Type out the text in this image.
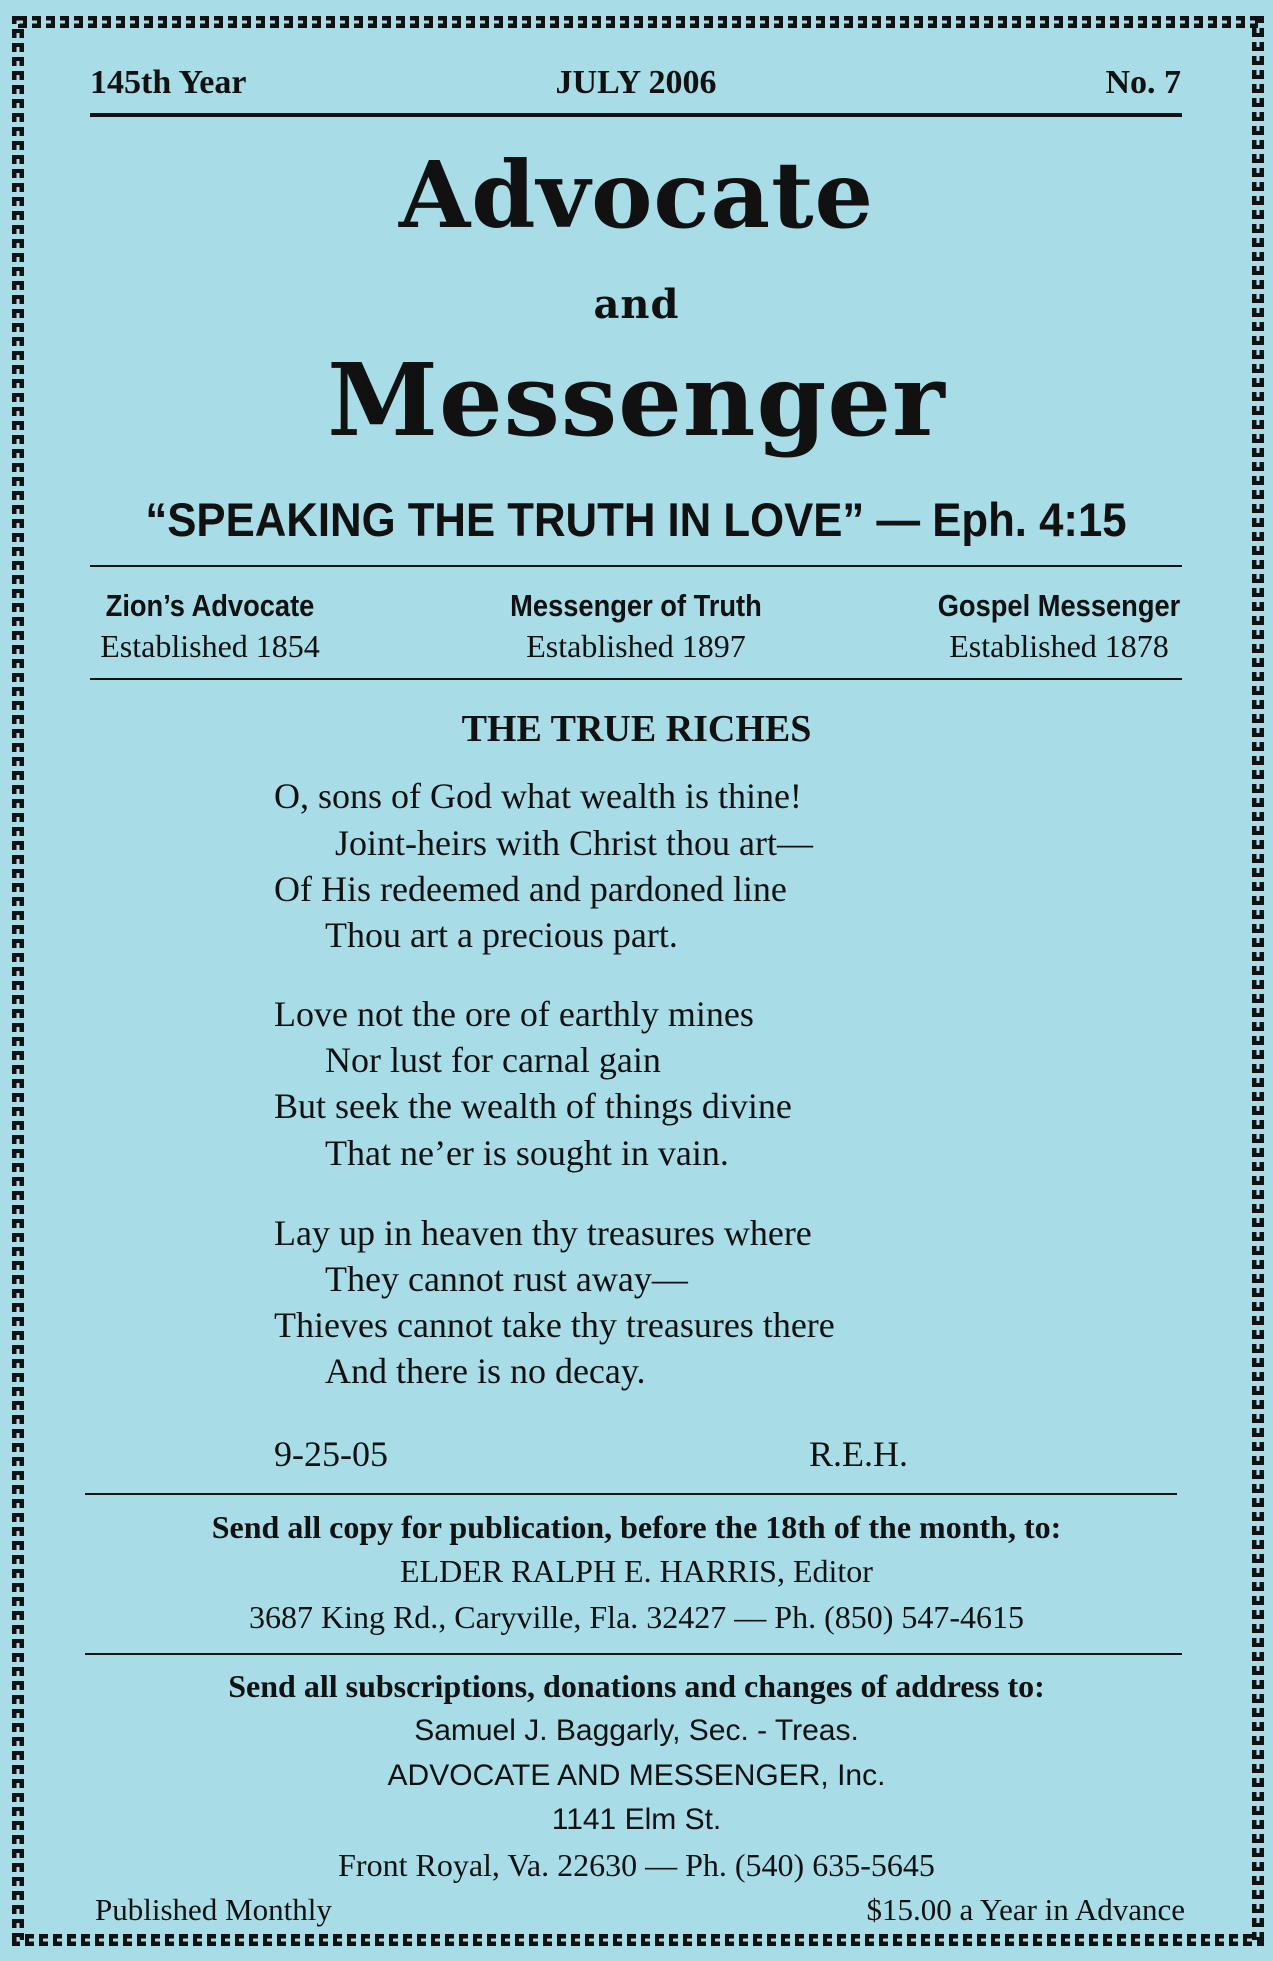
145th Year	JULY 2006	No. 7
Advocate
and
Messenger
“SPEAKING THE TRUTH IN LOVE” — Eph. 4:15
Zion’s Advocate
Established 1854
Messenger of Truth
Established 1897
Gospel Messenger
Established 1878
THE TRUE RICHES
O, sons of God what wealth is thine!
Joint-heirs with Christ thou art—
Of His redeemed and pardoned line
Thou art a precious part.
Love not the ore of earthly mines
Nor lust for carnal gain
But seek the wealth of things divine
That ne’er is sought in vain.
Lay up in heaven thy treasures where
They cannot rust away—
Thieves cannot take thy treasures there
And there is no decay.
9-25-05	R.E.H.
Send all copy for publication, before the 18th of the month, to:
ELDER RALPH E. HARRIS, Editor
3687 King Rd., Caryville, Fla. 32427 — Ph. (850) 547-4615
Send all subscriptions, donations and changes of address to:
Samuel J. Baggarly, Sec. - Treas.
ADVOCATE AND MESSENGER, Inc.
1141 Elm St.
Front Royal, Va. 22630 — Ph. (540) 635-5645
Published Monthly	$15.00 a Year in Advance
